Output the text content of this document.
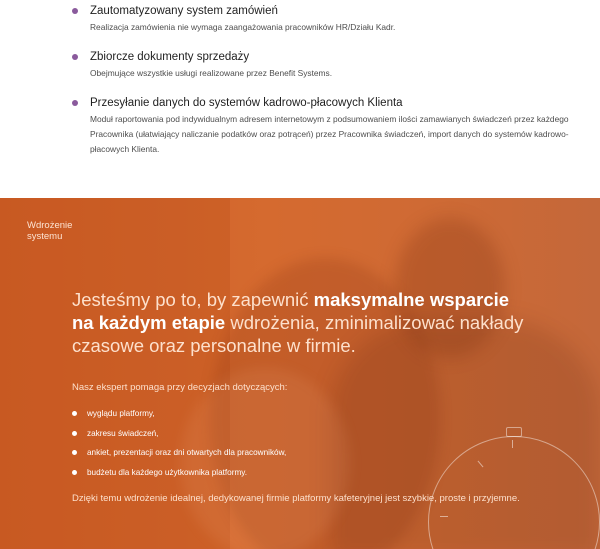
Zautomatyzowany system zamówień

Realizacja zamówienia nie wymaga zaangażowania pracowników HR/Działu Kadr.

Zbiorcze dokumenty sprzedaży

Obejmujące wszystkie usługi realizowane przez Benefit Systems.

Przesyłanie danych do systemów kadrowo-płacowych Klienta

Moduł raportowania pod indywidualnym adresem internetowym z podsumowaniem ilości zamawianych świadczeń przez każdego Pracownika (ułatwiający naliczanie podatków oraz potrąceń) przez Pracownika świadczeń, import danych do systemów kadrowo-płacowych Klienta.

Wdrożenie
systemu
Jesteśmy po to, by zapewnić maksymalne wsparcie
na każdym etapie wdrożenia, zminimalizować nakłady
czasowe oraz personalne w firmie.
Nasz ekspert pomaga przy decyzjach dotyczących:
wyglądu platformy,
zakresu świadczeń,
ankiet, prezentacji oraz dni otwartych dla pracowników,
budżetu dla każdego użytkownika platformy.
Dzięki temu wdrożenie idealnej, dedykowanej firmie platformy kafeteryjnej jest szybkie, proste i przyjemne.
